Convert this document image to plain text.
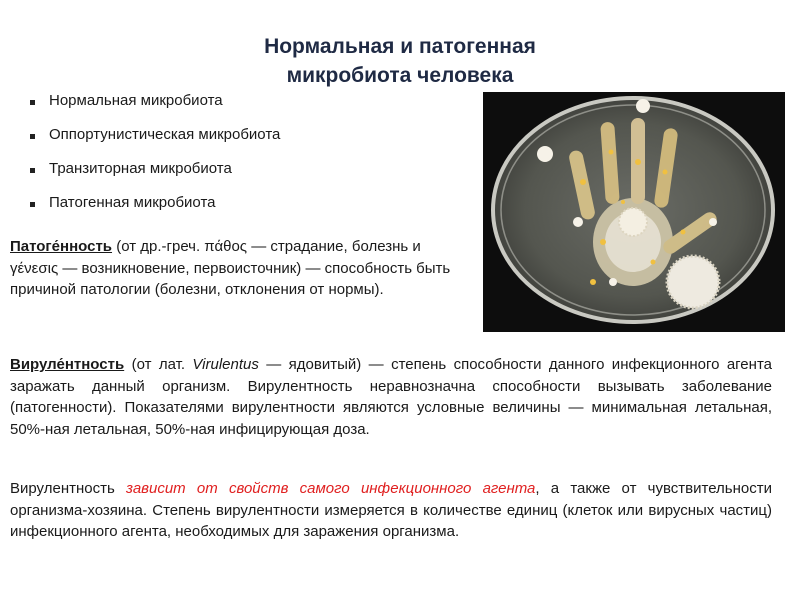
Нормальная и патогенная
микробиота человека
Нормальная микробиота
Оппортунистическая микробиота
Транзиторная микробиота
Патогенная микробиота

Патоге́нность (от др.-греч. πάθος — страдание, болезнь и γένεσις — возникновение, первоисточник) — способность быть причиной патологии (болезни, отклонения от нормы).

Вируле́нтность (от лат. Virulentus — ядовитый) — степень способности данного инфекционного агента заражать данный организм. Вирулентность неравнозначна способности вызывать заболевание (патогенности). Показателями вирулентности являются условные величины — минимальная летальная, 50%-ная летальная, 50%-ная инфицирующая доза.

Вирулентность зависит от свойств самого инфекционного агента, а также от чувствительности организма-хозяина. Степень вирулентности измеряется в количестве единиц (клеток или вирусных частиц) инфекционного агента, необходимых для заражения организма.
